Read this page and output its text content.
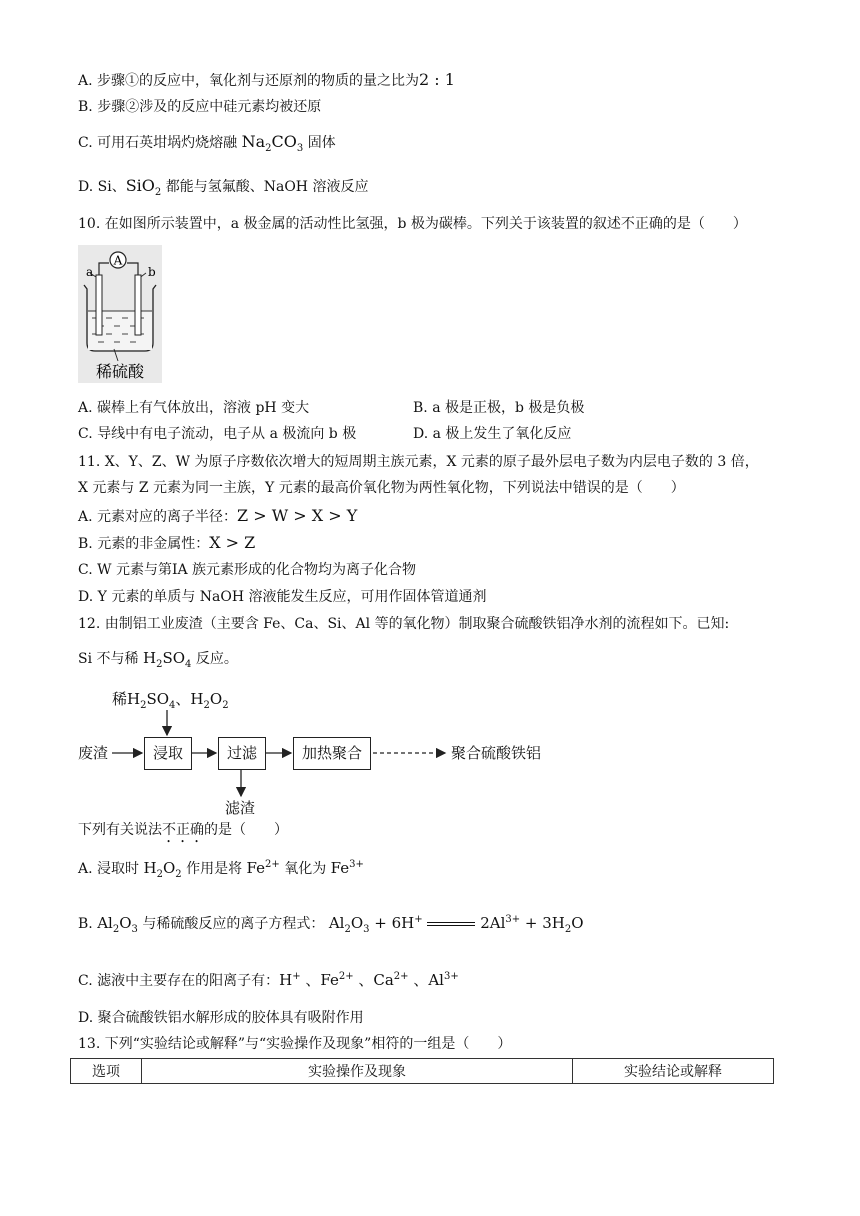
A. 步骤①的反应中，氧化剂与还原剂的物质的量之比为2 : 1
B. 步骤②涉及的反应中硅元素均被还原
C. 可用石英坩埚灼烧熔融 $Na_2CO_3$ 固体
D. Si、SiO$_2$ 都能与氢氟酸、NaOH 溶液反应
10. 在如图所示装置中，a 极金属的活动性比氢强，b 极为碳棒。下列关于该装置的叙述不正确的是（　　）
A
a	b
稀硫酸
A. 碳棒上有气体放出，溶液 pH 变大	B. a 极是正极，b 极是负极
C. 导线中有电子流动，电子从 a 极流向 b 极	D. a 极上发生了氧化反应
11. X、Y、Z、W 为原子序数依次增大的短周期主族元素，X 元素的原子最外层电子数为内层电子数的 3 倍，
X 元素与 Z 元素为同一主族，Y 元素的最高价氧化物为两性氧化物，下列说法中错误的是（　　）
A. 元素对应的离子半径：Z > W > X > Y
B. 元素的非金属性：X > Z
C. W 元素与第ⅠA 族元素形成的化合物均为离子化合物
D. Y 元素的单质与 NaOH 溶液能发生反应，可用作固体管道通剂
12. 由制铝工业废渣（主要含 Fe、Ca、Si、Al 等的氧化物）制取聚合硫酸铁铝净水剂的流程如下。已知:
Si 不与稀 $H_2SO_4$ 反应。
稀$H_2SO_4$、$H_2O_2$
废渣	浸取	过滤	加热聚合	聚合硫酸铁铝
滤渣
下列有关说法不正确的是（　　）
A. 浸取时 $H_2O_2$ 作用是将 $Fe^{2+}$ 氧化为 $Fe^{3+}$
B. $Al_2O_3$ 与稀硫酸反应的离子方程式： $Al_2O_3 + 6H^+$	$2Al^{3+} + 3H_2O$
C. 滤液中主要存在的阳离子有：H+ 、$Fe^{2+}$ 、$Ca^{2+}$ 、$Al^{3+}$
D. 聚合硫酸铁铝水解形成的胶体具有吸附作用
13. 下列“实验结论或解释”与“实验操作及现象”相符的一组是（　　）
选项	实验操作及现象	实验结论或解释
